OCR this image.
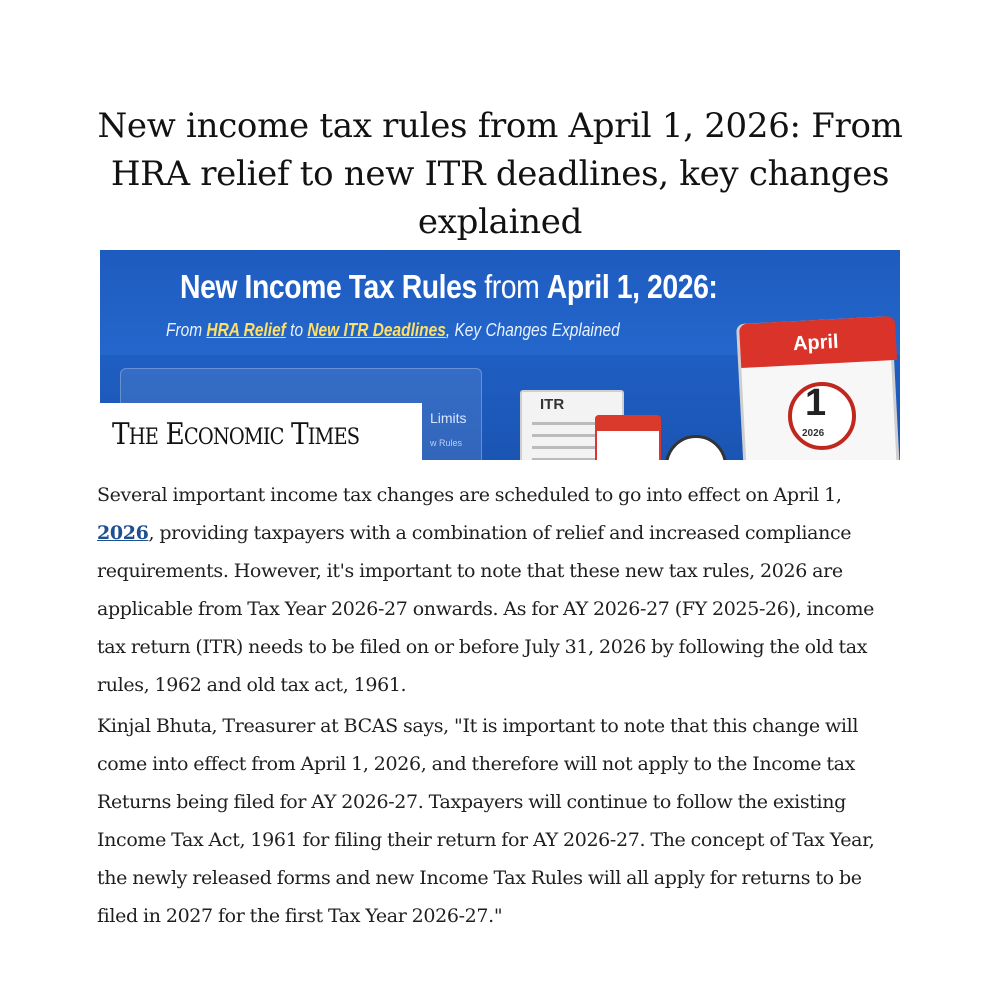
New income tax rules from April 1, 2026: From HRA relief to new ITR deadlines, key changes explained
New Income Tax Rules from April 1, 2026:
From HRA Relief to New ITR Deadlines, Key Changes Explained
Limits
w Rules
ITR
April
1
2026
THE ECONOMIC TIMES

Several important income tax changes are scheduled to go into effect on April 1, 2026, providing taxpayers with a combination of relief and increased compliance requirements. However, it's important to note that these new tax rules, 2026 are applicable from Tax Year 2026-27 onwards. As for AY 2026-27 (FY 2025-26), income tax return (ITR) needs to be filed on or before July 31, 2026 by following the old tax rules, 1962 and old tax act, 1961.

Kinjal Bhuta, Treasurer at BCAS says, "It is important to note that this change will come into effect from April 1, 2026, and therefore will not apply to the Income tax Returns being filed for AY 2026-27. Taxpayers will continue to follow the existing Income Tax Act, 1961 for filing their return for AY 2026-27. The concept of Tax Year, the newly released forms and new Income Tax Rules will all apply for returns to be filed in 2027 for the first Tax Year 2026-27."
